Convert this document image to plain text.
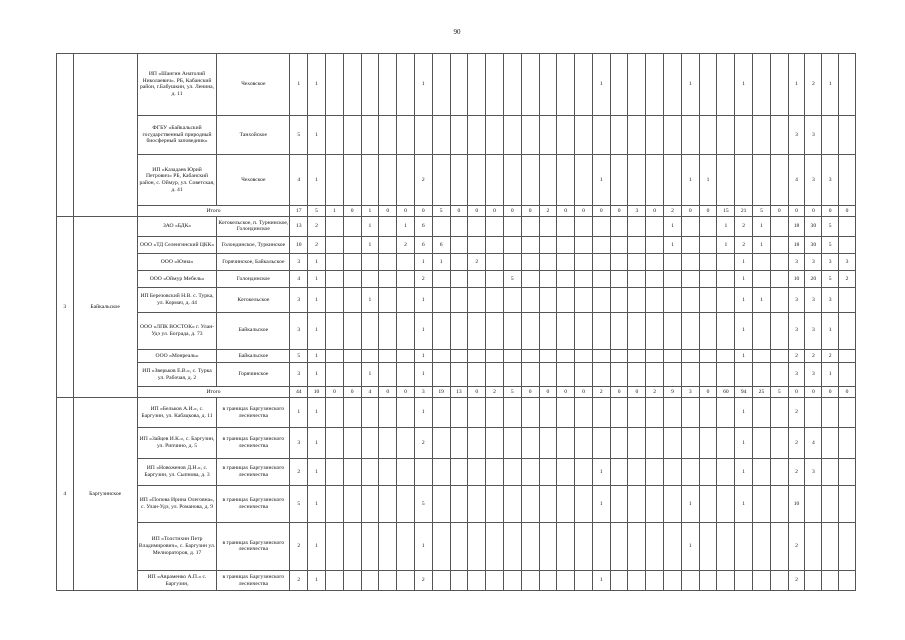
90
		ИП «Шангин Анатолий Николаевич». РБ, Кабанский район, г.Бабушкин, ул. Ленина, д. 11	Чеховское	1	1						1										1					1			1			1	2	1	
		ФГБУ «Байкальский государственный природный биосферный заповедник»	Танхойское	5	1																											3	3		
		ИП «Казадаев Юрий Петрович» РБ, Кабанский район, с. Оймур, ул. Советская, д. 41	Чеховское	4	1						2										1					1	1					4	3	3	
		Итого		17	5	1	0	1	0	0	0	5	0	0	0	0	0	2	0	0	0	0	3	0	2	0	0	15	21	5	0	0	0	0	0
3	Байкальское	ЗАО «БДК»	Котокельское, п. Турнинское, Голондинское	13	2			1		1	6														1			1	2	1		18	30	5	
		ООО «ТД Селенгинский ЦКК»	Голондинское, Туркинское	10	2			1		2	6	6													1			1	2	1		18	30	5	
		ООО «Юзна»	Горячинское, Байкальское	3	1						1	1		2															1			3	3	3	3
		ООО «Оймур Мебель»	Голондинское	4	1						2					5													1			10	20	5	2
		ИП Березовский Н.В. с. Турка, ул. Кормач, д. 44	Котокельское	3	1			1			1																		1	1		3	3	3	
		ООО «ЛПК ВОСТОК» г. Улан-Удэ ул. Бограда, д. 73	Байкальское	3	1						1																		1			3	3	1	
		ООО «Монреаль»	Байкальское	5	1						1																		1			2	2	2	
		ИП «Зверьков Е.В.», с. Турка ул. Рабочая, д. 2	Горячинское	3	1			1			1																					3	3	1	
		Итого		44	10	0	0	4	0	0	3	19	13	0	2	5	0	0	0	0	2	0	0	2	9	3	0	60	94	25	5	0	0	0	0
4	Баргузинское	ИП «Бельков А.И.», с. Баргузин, ул. Кабацкова, д. 11	в границах Баргузинского лесничества	1	1						1																		1			2			
		ИП «Зайцев И.К.», с. Баргузин, ул. Рипчино, д. 5	в границах Баргузинского лесничества	3	1						2																		1			2	4		
		ИП «Новоженов Д.Н.», с. Баргузин, ул. Сыпнова, д. 3	в границах Баргузинского лесничества	2	1																1								1			2	3		
		ИП «Попова Ирина Олеговна», с. Улан-Удэ, ул. Романова, д. 9	в границах Баргузинского лесничества	5	1						5										1					1			1			10			
		ИП «Толстихин Петр Владимирович», с. Баргузин ул. Мелиораторов, д. 17	в границах Баргузинского лесничества	2	1						1															1						2			
		ИП «Авраменко А.П.» с. Баргузин,	в границах Баргузинского лесничества	2	1						2										1											2			
